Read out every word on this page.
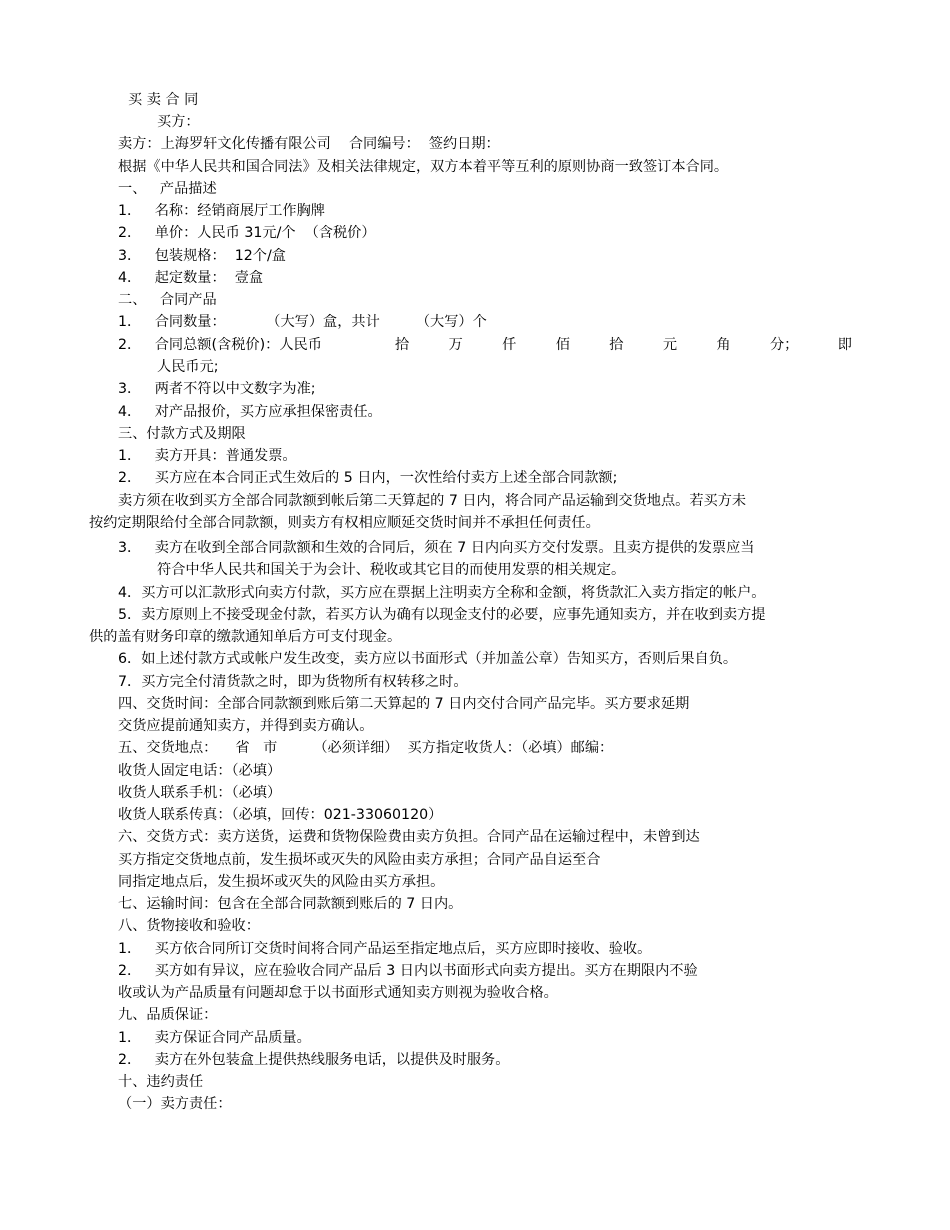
买 卖 合 同
买方：
卖方：上海罗轩文化传播有限公司    合同编号：  签约日期：
根据《中华人民共和国合同法》及相关法律规定，双方本着平等互利的原则协商一致签订本合同。
一、   产品描述
1．   名称：经销商展厅工作胸牌
2．   单价：人民币 31元/个  （含税价）
3．   包装规格：  12个/盒
4．   起定数量：  壹盒
二、   合同产品
1．   合同数量：         （大写）盒，共计        （大写）个
2．   合同总额(含税价)：人民币	拾	万	仟	佰	拾	元	角	分；	即
人民币元;
3．   两者不符以中文数字为准;
4．   对产品报价，买方应承担保密责任。
三、付款方式及期限
1．   卖方开具：普通发票。
2．   买方应在本合同正式生效后的 5 日内，一次性给付卖方上述全部合同款额;
卖方须在收到买方全部合同款额到帐后第二天算起的 7 日内，将合同产品运输到交货地点。若买方未
按约定期限给付全部合同款额，则卖方有权相应顺延交货时间并不承担任何责任。
3．   卖方在收到全部合同款额和生效的合同后，须在 7 日内向买方交付发票。且卖方提供的发票应当
符合中华人民共和国关于为会计、税收或其它目的而使用发票的相关规定。
4．买方可以汇款形式向卖方付款，买方应在票据上注明卖方全称和金额，将货款汇入卖方指定的帐户。
5．卖方原则上不接受现金付款，若买方认为确有以现金支付的必要，应事先通知卖方，并在收到卖方提
供的盖有财务印章的缴款通知单后方可支付现金。
6．如上述付款方式或帐户发生改变，卖方应以书面形式（并加盖公章）告知买方，否则后果自负。
7．买方完全付清货款之时，即为货物所有权转移之时。
四、交货时间：全部合同款额到账后第二天算起的 7 日内交付合同产品完毕。买方要求延期
交货应提前通知卖方，并得到卖方确认。
五、交货地点：    省   市        （必须详细）  买方指定收货人：（必填）邮编：
收货人固定电话：（必填）
收货人联系手机：（必填）
收货人联系传真：（必填，回传：021-33060120）
六、交货方式：卖方送货，运费和货物保险费由卖方负担。合同产品在运输过程中，未曾到达
买方指定交货地点前，发生损坏或灭失的风险由卖方承担；合同产品自运至合
同指定地点后，发生损坏或灭失的风险由买方承担。
七、运输时间：包含在全部合同款额到账后的 7 日内。
八、货物接收和验收：
1．   买方依合同所订交货时间将合同产品运至指定地点后，买方应即时接收、验收。
2．   买方如有异议，应在验收合同产品后 3 日内以书面形式向卖方提出。买方在期限内不验
收或认为产品质量有问题却怠于以书面形式通知卖方则视为验收合格。
九、品质保证：
1．   卖方保证合同产品质量。
2．   卖方在外包装盒上提供热线服务电话，以提供及时服务。
十、违约责任
（一）卖方责任：
